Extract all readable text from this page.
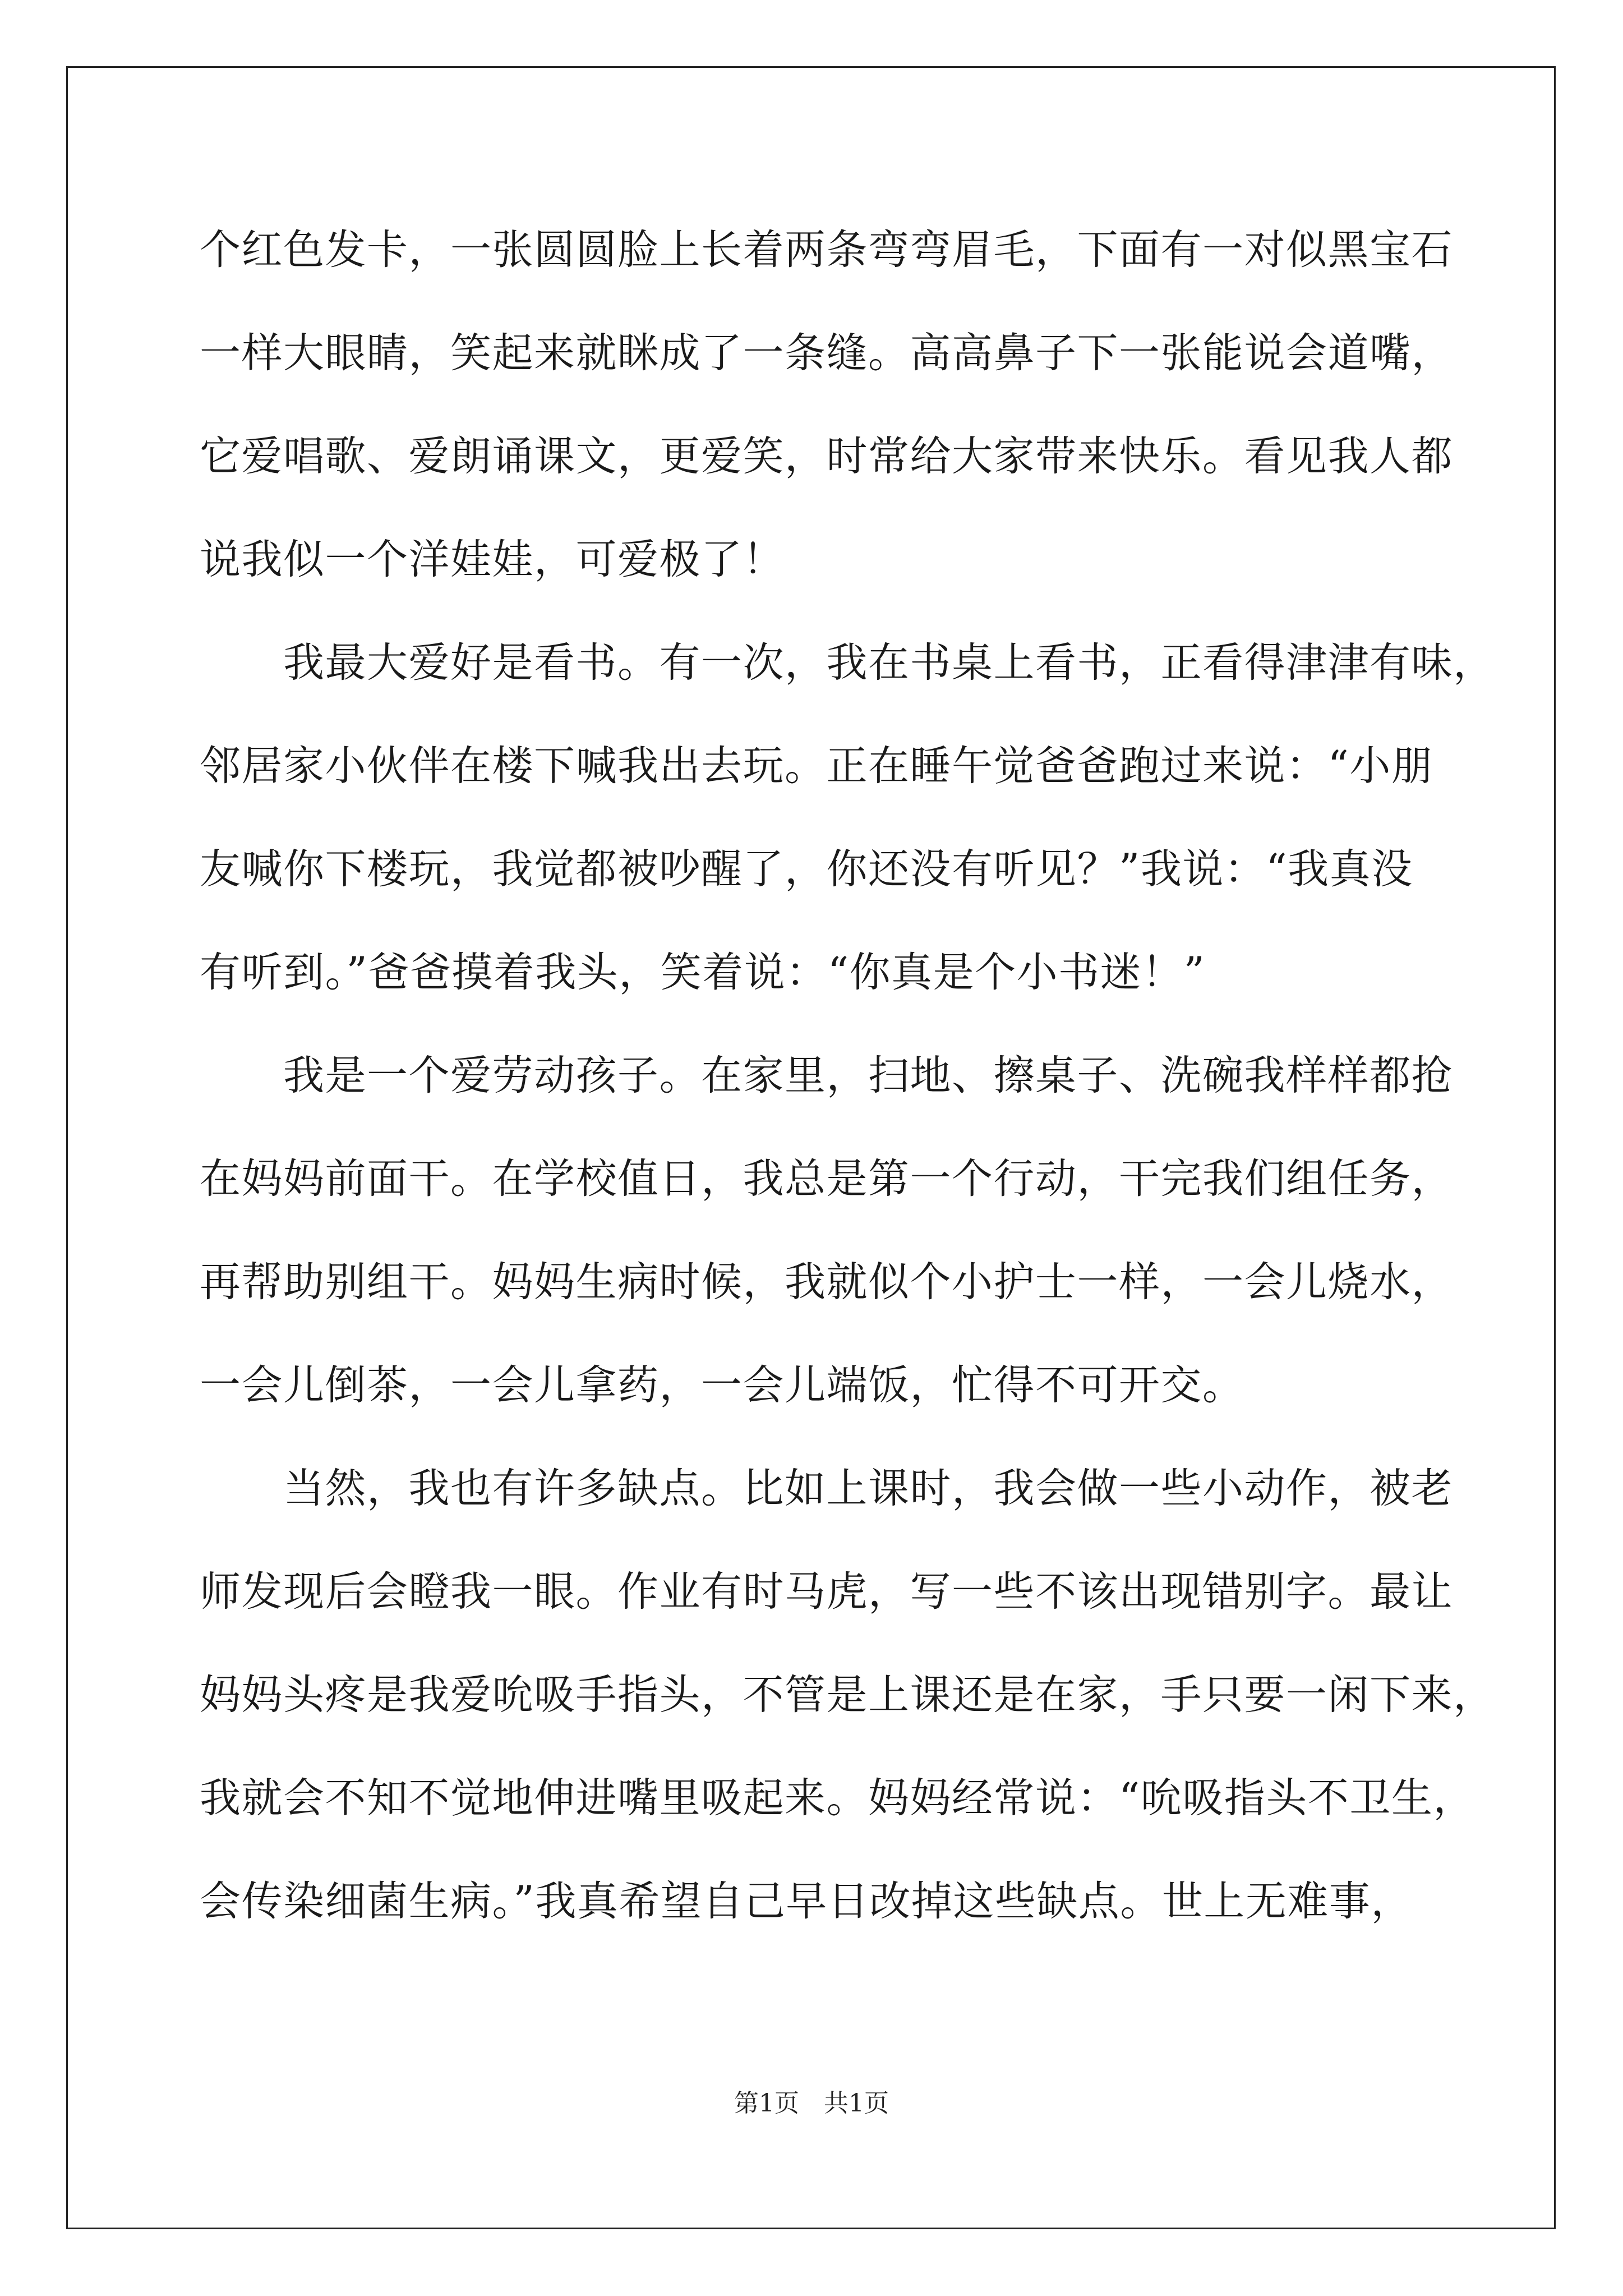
个红色发卡，一张圆圆脸上长着两条弯弯眉毛，下面有一对似黑宝石
一样大眼睛，笑起来就眯成了一条缝。高高鼻子下一张能说会道嘴，
它爱唱歌、爱朗诵课文，更爱笑，时常给大家带来快乐。看见我人都
说我似一个洋娃娃，可爱极了！
　　我最大爱好是看书。有一次，我在书桌上看书，正看得津津有味，
邻居家小伙伴在楼下喊我出去玩。正在睡午觉爸爸跑过来说：“小朋
友喊你下楼玩，我觉都被吵醒了，你还没有听见？”我说：“我真没
有听到。”爸爸摸着我头，笑着说：“你真是个小书迷！”
　　我是一个爱劳动孩子。在家里，扫地、擦桌子、洗碗我样样都抢
在妈妈前面干。在学校值日，我总是第一个行动，干完我们组任务，
再帮助别组干。妈妈生病时候，我就似个小护士一样，一会儿烧水，
一会儿倒茶，一会儿拿药，一会儿端饭，忙得不可开交。
　　当然，我也有许多缺点。比如上课时，我会做一些小动作，被老
师发现后会瞪我一眼。作业有时马虎，写一些不该出现错别字。最让
妈妈头疼是我爱吮吸手指头，不管是上课还是在家，手只要一闲下来，
我就会不知不觉地伸进嘴里吸起来。妈妈经常说：“吮吸指头不卫生，
会传染细菌生病。”我真希望自己早日改掉这些缺点。世上无难事，
第1页　共1页
